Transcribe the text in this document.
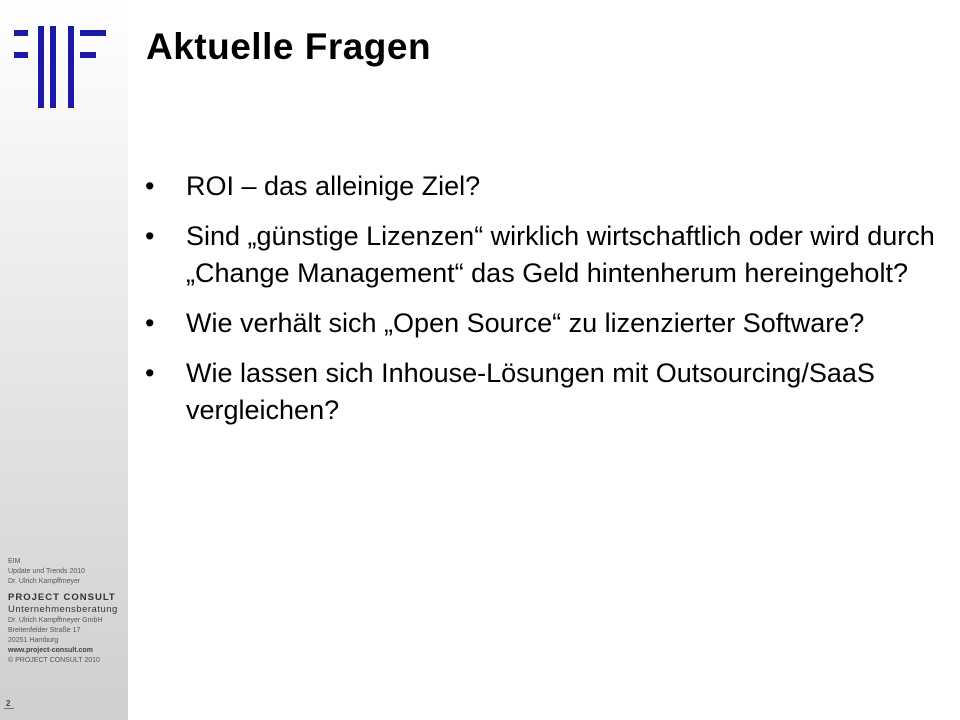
EIM
Update und Trends 2010
Dr. Ulrich Kampffmeyer
PROJECT CONSULT
Unternehmensberatung
Dr. Ulrich Kampffmeyer GmbH
Breitenfelder Straße 17
20251 Hamburg
www.project-consult.com
© PROJECT CONSULT 2010
2
Aktuelle Fragen
•	ROI – das alleinige Ziel?
•	Sind „günstige Lizenzen“ wirklich wirtschaftlich oder wird durch „Change Management“ das Geld hintenherum hereingeholt?
•	Wie verhält sich „Open Source“ zu lizenzierter Software?
•	Wie lassen sich Inhouse-Lösungen mit Outsourcing/SaaS vergleichen?
